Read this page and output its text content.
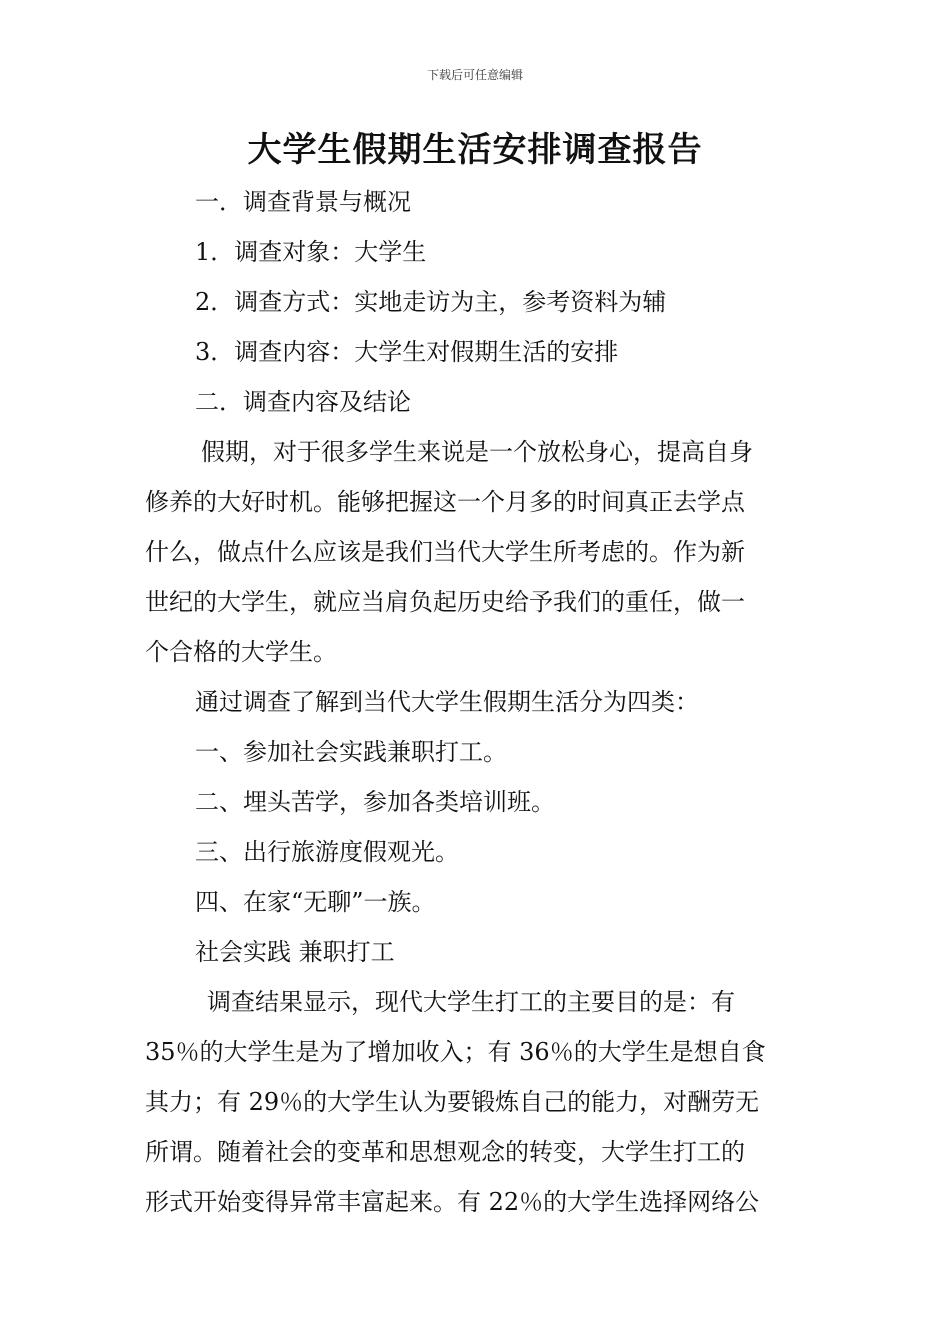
下载后可任意编辑
大学生假期生活安排调查报告

一．调查背景与概况

1．调查对象：大学生

2．调查方式：实地走访为主，参考资料为辅

3．调查内容：大学生对假期生活的安排

二．调查内容及结论

假期，对于很多学生来说是一个放松身心，提高自身

修养的大好时机。能够把握这一个月多的时间真正去学点

什么，做点什么应该是我们当代大学生所考虑的。作为新

世纪的大学生，就应当肩负起历史给予我们的重任，做一

个合格的大学生。

通过调查了解到当代大学生假期生活分为四类：

一、参加社会实践兼职打工。

二、埋头苦学，参加各类培训班。

三、出行旅游度假观光。

四、在家“无聊”一族。

社会实践 兼职打工

调查结果显示，现代大学生打工的主要目的是：有

35％的大学生是为了增加收入；有 36％的大学生是想自食

其力；有 29％的大学生认为要锻炼自己的能力，对酬劳无

所谓。随着社会的变革和思想观念的转变，大学生打工的

形式开始变得异常丰富起来。有 22％的大学生选择网络公
